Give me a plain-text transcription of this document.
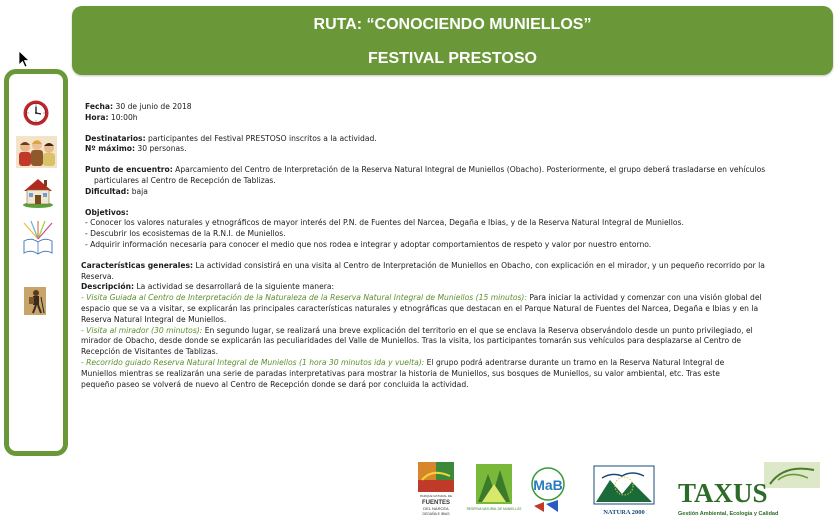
RUTA: “CONOCIENDO MUNIELLOS”
FESTIVAL PRESTOSO

Fecha: 30 de junio de 2018

Hora: 10:00h

Destinatarios: participantes del Festival PRESTOSO inscritos a la actividad.

Nº máximo: 30 personas.

Punto de encuentro: Aparcamiento del Centro de Interpretación de la Reserva Natural Integral de Muniellos (Obacho). Posteriormente, el grupo deberá trasladarse en vehículos

particulares al Centro de Recepción de Tablizas.

Dificultad: baja

Objetivos:

- Conocer los valores naturales y etnográficos de mayor interés del P.N. de Fuentes del Narcea, Degaña e Ibias, y de la Reserva Natural Integral de Muniellos.

- Descubrir los ecosistemas de la R.N.I. de Muniellos.

- Adquirir información necesaria para conocer el medio que nos rodea e integrar y adoptar comportamientos de respeto y valor por nuestro entorno.

Características generales: La actividad consistirá en una visita al Centro de Interpretación de Muniellos en Obacho, con explicación en el mirador, y un pequeño recorrido por la

Reserva.

Descripción: La actividad se desarrollará de la siguiente manera:

- Visita Guiada al Centro de Interpretación de la Naturaleza de la Reserva Natural Integral de Muniellos (15 minutos): Para iniciar la actividad y comenzar con una visión global del

espacio que se va a visitar, se explicarán las principales características naturales y etnográficas que destacan en el Parque Natural de Fuentes del Narcea, Degaña e Ibias y en la

Reserva Natural Integral de Muniellos.

- Visita al mirador (30 minutos): En segundo lugar, se realizará una breve explicación del territorio en el que se enclava la Reserva observándolo desde un punto privilegiado, el

mirador de Obacho, desde donde se explicarán las peculiaridades del Valle de Muniellos. Tras la visita, los participantes tomarán sus vehículos para desplazarse al Centro de

Recepción de Visitantes de Tablizas.

- Recorrido guiado Reserva Natural Integral de Muniellos (1 hora 30 minutos ida y vuelta): El grupo podrá adentrarse durante un tramo en la Reserva Natural Integral de

Muniellos mientras se realizarán una serie de paradas interpretativas para mostrar la historia de Muniellos, sus bosques de Muniellos, su valor ambiental, etc. Tras este

pequeño paseo se volverá de nuevo al Centro de Recepción donde se dará por concluida la actividad.

PARQUE NATURAL DE
FUENTES
DEL NARCEA
DEGAÑA E IBIAS
RESERVA NATURAL DE MUNIELLOS
MaB
NATURA 2000
TAXUS
Gestión Ambiental, Ecología y Calidad
